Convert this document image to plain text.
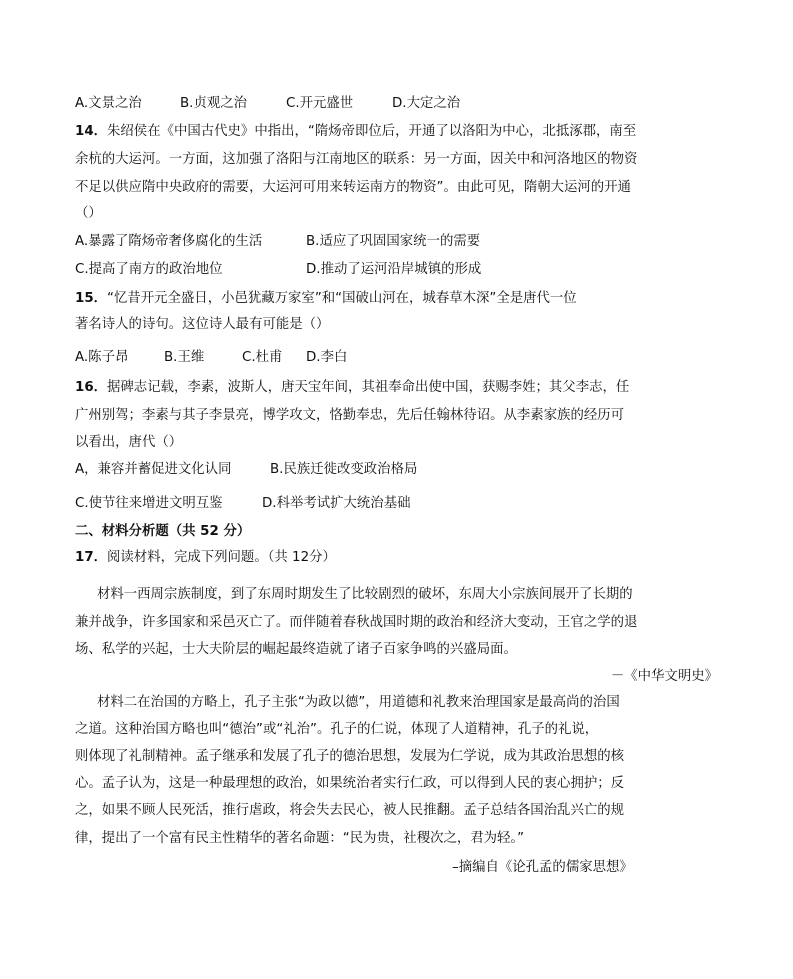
A.文景之治	B.贞观之治	C.开元盛世	D.大定之治
14．朱绍侯在《中国古代史》中指出，“隋炀帝即位后，开通了以洛阳为中心，北抵涿郡，南至
余杭的大运河。一方面，这加强了洛阳与江南地区的联系：另一方面，因关中和河洛地区的物资
不足以供应隋中央政府的需要，大运河可用来转运南方的物资”。由此可见，隋朝大运河的开通
（）
A.暴露了隋炀帝奢侈腐化的生活	B.适应了巩固国家统一的需要
C.提高了南方的政治地位	D.推动了运河沿岸城镇的形成
15．“忆昔开元全盛日，小邑犹藏万家室”和“国破山河在，城春草木深”全是唐代一位
著名诗人的诗句。这位诗人最有可能是（）
A.陈子昂	B.王维	C.杜甫 D.李白
16．据碑志记载，李素，波斯人，唐天宝年间，其祖奉命出使中国，获赐李姓；其父李志，任
广州别驾；李素与其子李景亮，博学攻文，恪勤奉忠，先后任翰林待诏。从李素家族的经历可
以看出，唐代（）
A，兼容并蓄促进文化认同	B.民族迁徙改变政治格局
C.使节往来增进文明互鉴	D.科举考试扩大统治基础
二、材料分析题（共 52 分）
17．阅读材料，完成下列问题。（共 12分）
材料一西周宗族制度，到了东周时期发生了比较剧烈的破坏，东周大小宗族间展开了长期的
兼并战争，许多国家和采邑灭亡了。而伴随着春秋战国时期的政治和经济大变动，王官之学的退
场、私学的兴起，士大夫阶层的崛起最终造就了诸子百家争鸣的兴盛局面。
－《中华文明史》
材料二在治国的方略上，孔子主张“为政以德”，用道德和礼教来治理国家是最高尚的治国
之道。这种治国方略也叫“德治”或“礼治”。孔子的仁说，体现了人道精神，孔子的礼说，
则体现了礼制精神。孟子继承和发展了孔子的德治思想，发展为仁学说，成为其政治思想的核
心。孟子认为，这是一种最理想的政治，如果统治者实行仁政，可以得到人民的衷心拥护；反
之，如果不顾人民死活，推行虐政，将会失去民心，被人民推翻。孟子总结各国治乱兴亡的规
律，提出了一个富有民主性精华的著名命题：“民为贵，社稷次之，君为轻。”
–摘编自《论孔孟的儒家思想》
